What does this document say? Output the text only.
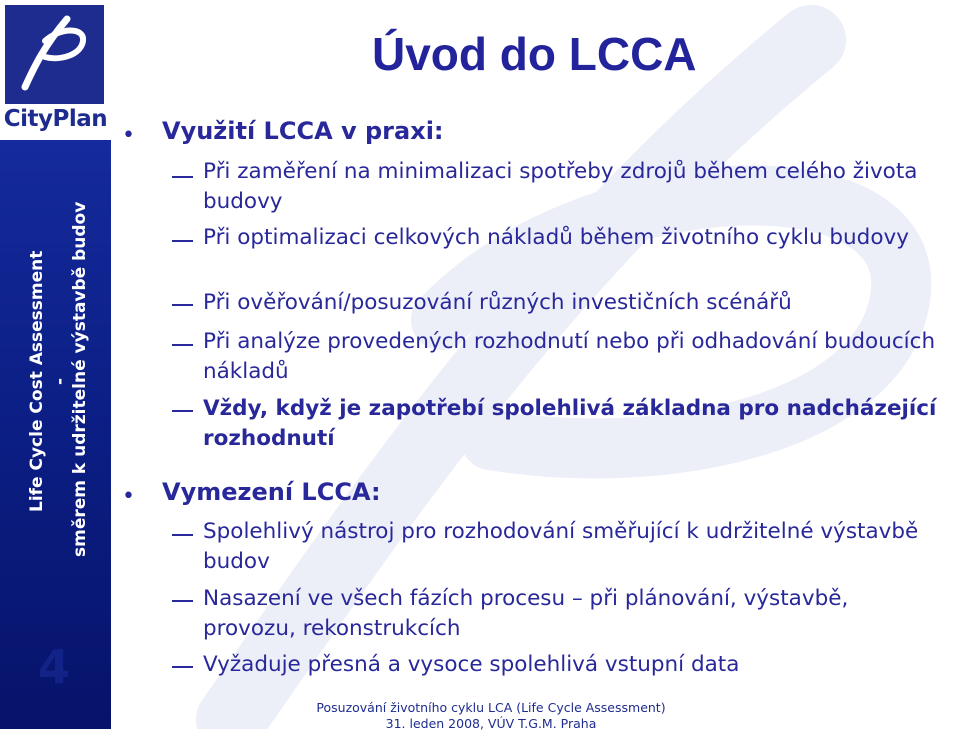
CityPlan
4
Life Cycle Cost Assessment - směrem k udržitelné výstavbě budov
Úvod do LCCA
• Využití LCCA v praxi:
Při zaměření na minimalizaci spotřeby zdrojů během celého života budovy
Při optimalizaci celkových nákladů během životního cyklu budovy
Při ověřování/posuzování různých investičních scénářů
Při analýze provedených rozhodnutí nebo při odhadování budoucích nákladů
Vždy, když je zapotřebí spolehlivá základna pro nadcházející rozhodnutí
• Vymezení LCCA:
Spolehlivý nástroj pro rozhodování směřující k udržitelné výstavbě budov
Nasazení ve všech fázích procesu – při plánování, výstavbě, provozu, rekonstrukcích
Vyžaduje přesná a vysoce spolehlivá vstupní data
Posuzování životního cyklu LCA (Life Cycle Assessment)
31. leden 2008, VÚV T.G.M. Praha
